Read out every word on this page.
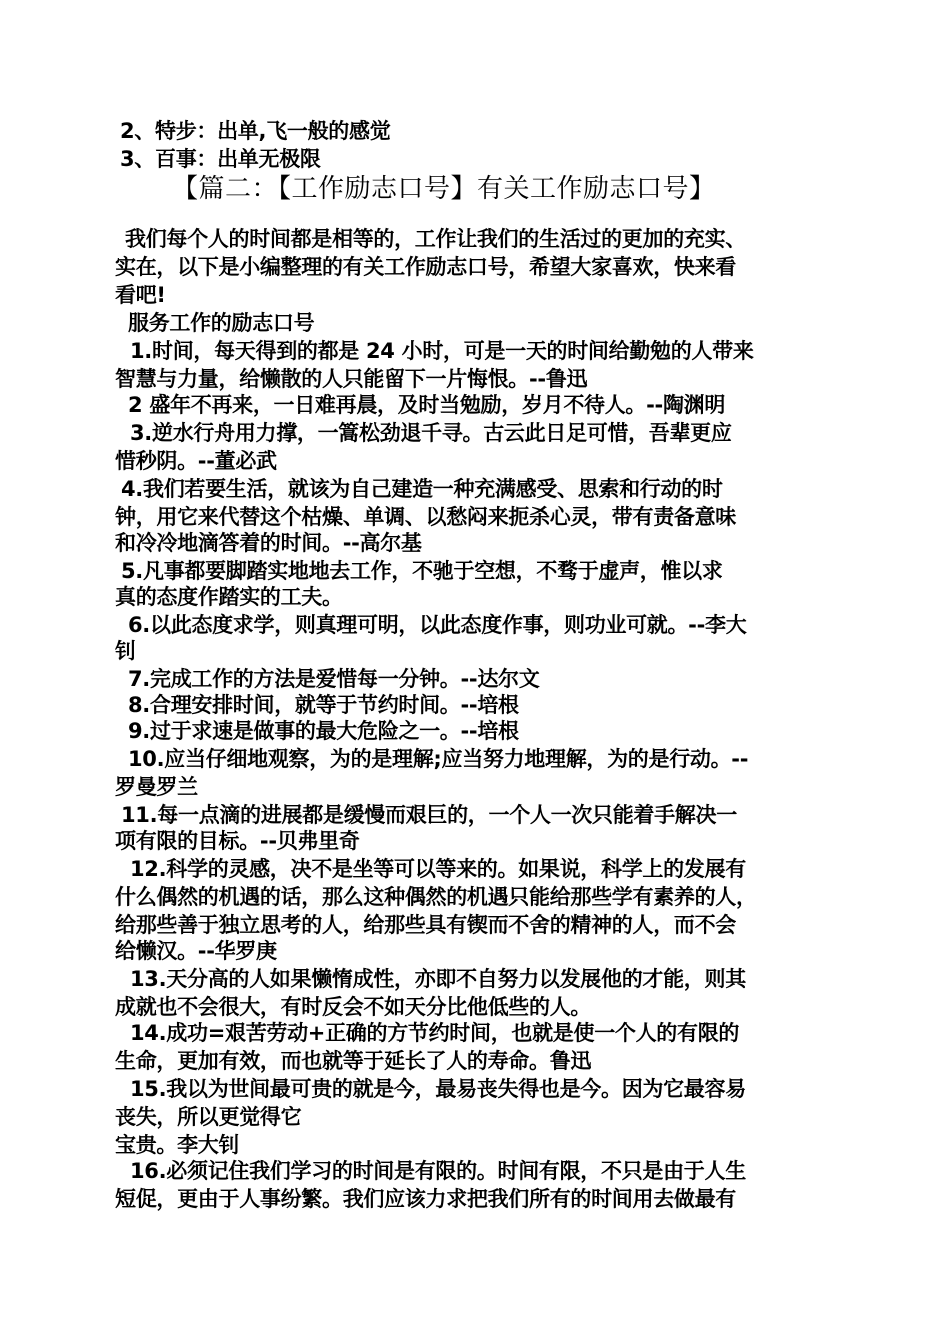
2、特步：出单,飞一般的感觉
3、百事：出单无极限
【篇二：【工作励志口号】有关工作励志口号】
我们每个人的时间都是相等的，工作让我们的生活过的更加的充实、
实在，以下是小编整理的有关工作励志口号，希望大家喜欢，快来看
看吧!
服务工作的励志口号
1.时间，每天得到的都是 24 小时，可是一天的时间给勤勉的人带来
智慧与力量，给懒散的人只能留下一片悔恨。--鲁迅
2 盛年不再来，一日难再晨，及时当勉励，岁月不待人。--陶渊明
3.逆水行舟用力撑，一篙松劲退千寻。古云此日足可惜，吾辈更应
惜秒阴。--董必武
4.我们若要生活，就该为自己建造一种充满感受、思索和行动的时
钟，用它来代替这个枯燥、单调、以愁闷来扼杀心灵，带有责备意味
和冷冷地滴答着的时间。--高尔基
5.凡事都要脚踏实地地去工作，不驰于空想，不骛于虚声，惟以求
真的态度作踏实的工夫。
6.以此态度求学，则真理可明，以此态度作事，则功业可就。--李大
钊
7.完成工作的方法是爱惜每一分钟。--达尔文
8.合理安排时间，就等于节约时间。--培根
9.过于求速是做事的最大危险之一。--培根
10.应当仔细地观察，为的是理解;应当努力地理解，为的是行动。--
罗曼罗兰
11.每一点滴的进展都是缓慢而艰巨的，一个人一次只能着手解决一
项有限的目标。--贝弗里奇
12.科学的灵感，决不是坐等可以等来的。如果说，科学上的发展有
什么偶然的机遇的话，那么这种偶然的机遇只能给那些学有素养的人，
给那些善于独立思考的人，给那些具有锲而不舍的精神的人，而不会
给懒汉。--华罗庚
13.天分高的人如果懒惰成性，亦即不自努力以发展他的才能，则其
成就也不会很大，有时反会不如天分比他低些的人。
14.成功=艰苦劳动+正确的方节约时间，也就是使一个人的有限的
生命，更加有效，而也就等于延长了人的寿命。鲁迅
15.我以为世间最可贵的就是今，最易丧失得也是今。因为它最容易
丧失，所以更觉得它
宝贵。李大钊
16.必须记住我们学习的时间是有限的。时间有限，不只是由于人生
短促，更由于人事纷繁。我们应该力求把我们所有的时间用去做最有
